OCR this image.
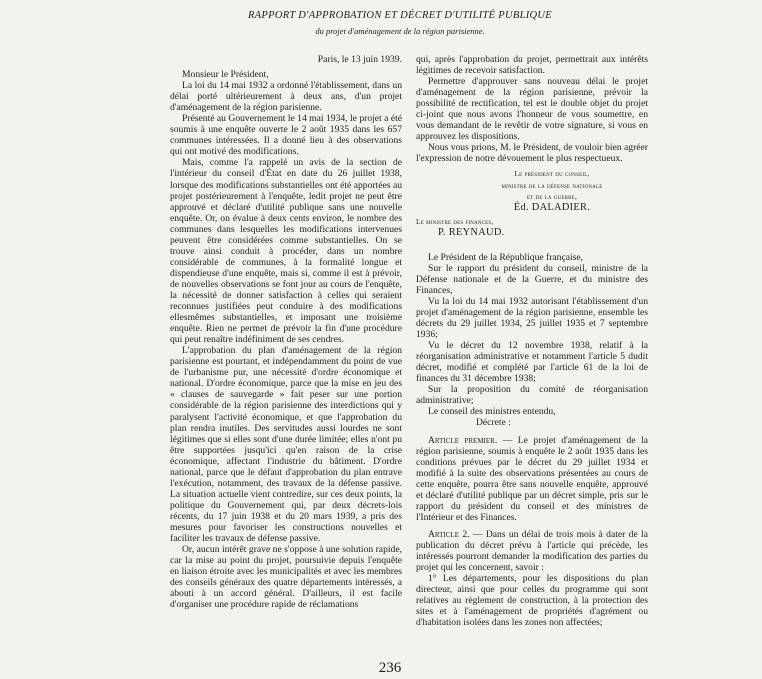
RAPPORT D'APPROBATION ET DÉCRET D'UTILITÉ PUBLIQUE
du projet d'aménagement de la région parisienne.

Paris, le 13 juin 1939.

Monsieur le Président,

La loi du 14 mai 1932 a ordonné l'établissement, dans un délai porté ultérieurement à deux ans, d'un projet d'aménagement de la région parisienne.

Présenté au Gouvernement le 14 mai 1934, le projet a été soumis à une enquête ouverte le 2 août 1935 dans les 657 communes intéressées. Il a donné lieu à des observations qui ont motivé des modifications.

Mais, comme l'a rappelé un avis de la section de l'intérieur du conseil d'État en date du 26 juillet 1938, lorsque des modifications substantielles ont été apportées au projet postérieurement à l'enquête, ledit projet ne peut être approuvé et déclaré d'utilité publique sans une nouvelle enquête. Or, on évalue à deux cents environ, le nombre des communes dans lesquelles les modifications intervenues peuvent être considérées comme substantielles. On se trouve ainsi conduit à procéder, dans un nombre considérable de communes, à la formalité longue et dispendieuse d'une enquête, mais si, comme il est à prévoir, de nouvelles observations se font jour au cours de l'enquête, la nécessité de donner satisfaction à celles qui seraient reconnues justifiées peut conduire à des modifications ellesmêmes substantielles, et imposant une troisième enquête. Rien ne permet de prévoir la fin d'une procédure qui peut renaître indéfiniment de ses cendres.

L'approbation du plan d'aménagement de la région parisienne est pourtant, et indépendamment du point de vue de l'urbanisme pur, une nécessité d'ordre économique et national. D'ordre économique, parce que la mise en jeu des « clauses de sauvegarde » fait peser sur une portion considérable de la région parisienne des interdictions qui y paralysent l'activité économique, et que l'approbation du plan rendra inutiles. Des servitudes aussi lourdes ne sont légitimes que si elles sont d'une durée limitée; elles n'ont pu être supportées jusqu'ici qu'en raison de la crise économique, affectant l'industrie du bâtiment. D'ordre national, parce que le défaut d'approbation du plan entrave l'exécution, notamment, des travaux de la défense passive. La situation actuelle vient contredire, sur ces deux points, la politique du Gouvernement qui, par deux décrets-lois récents, du 17 juin 1938 et du 20 mars 1939, a pris des mesures pour favoriser les constructions nouvelles et faciliter les travaux de défense passive.

Or, aucun intérêt grave ne s'oppose à une solution rapide, car la mise au point du projet, poursuivie depuis l'enquête en liaison étroite avec les municipalités et avec les membres des conseils généraux des quatre départements intéressés, a abouti à un accord général. D'ailleurs, il est facile d'organiser une procédure rapide de réclamations

qui, après l'approbation du projet, permettrait aux intérêts légitimes de recevoir satisfaction.

Permettre d'approuver sans nouveau délai le projet d'aménagement de la région parisienne, prévoir la possibilité de rectification, tel est le double objet du projet ci-joint que nous avons l'honneur de vous soumettre, en vous demandant de le revêtir de votre signature, si vous en approuvez les dispositions.

Nous vous prions, M. le Président, de vouloir bien agréer l'expression de notre dévouement le plus respectueux.

Le président du conseil,
ministre de la défense nationale
et de la guerre,
Éd. DALADIER.
Le ministre des finances,
P. REYNAUD.

Le Président de la République française,

Sur le rapport du président du conseil, ministre de la Défense nationale et de la Guerre, et du ministre des Finances,

Vu la loi du 14 mai 1932 autorisant l'établissement d'un projet d'aménagement de la région parisienne, ensemble les décrets du 29 juillet 1934, 25 juillet 1935 et 7 septembre 1936;

Vu le décret du 12 novembre 1938, relatif à la réorganisation administrative et notamment l'article 5 dudit décret, modifié et complété par l'article 61 de la loi de finances du 31 décembre 1938;

Sur la proposition du comité de réorganisation administrative;

Le conseil des ministres entendu,

Décrete :

Article premier. — Le projet d'aménagement de la région parisienne, soumis à enquête le 2 août 1935 dans les conditions prévues par le décret du 29 juillet 1934 et modifié à la suite des observations présentées au cours de cette enquête, pourra être sans nouvelle enquête, approuvé et déclaré d'utilité publique par un décret simple, pris sur le rapport du président du conseil et des ministres de l'Intérieur et des Finances.

Article 2. — Dans un délai de trois mois à dater de la publication du décret prévu à l'article qui précède, les intéressés pourront demander la modification des parties du projet qui les concernent, savoir :

1° Les départements, pour les dispositions du plan directeur, ainsi que pour celles du programme qui sont relatives au règlement de construction, à la protection des sites et à l'aménagement de propriétés d'agrément ou d'habitation isolées dans les zones non affectées;

236
